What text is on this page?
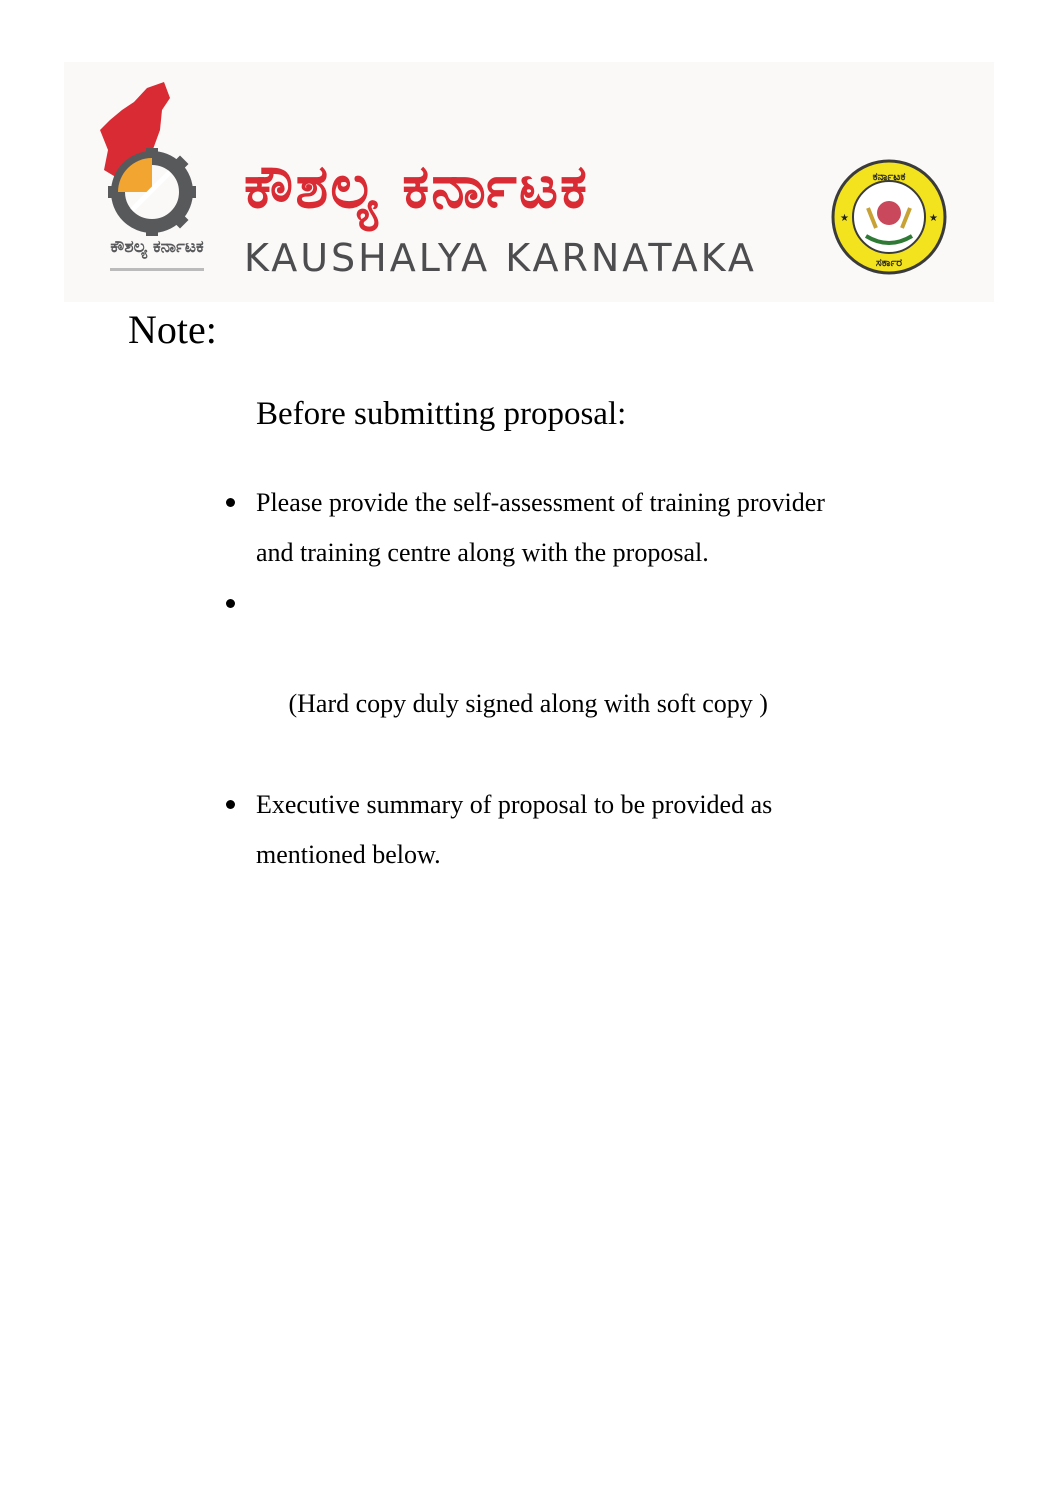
ಕೌಶಲ್ಯ ಕರ್ನಾಟಕ
ಕೌಶಲ್ಯ ಕರ್ನಾಟಕ
KAUSHALYA KARNATAKA
ಕರ್ನಾಟಕ
ಸರ್ಕಾರ
★	★
Note:
Before submitting proposal:
Please provide the self-assessment of training provider and training centre along with the proposal.

(Hard copy duly signed along with soft copy )

Executive summary of proposal to be provided as mentioned below.
